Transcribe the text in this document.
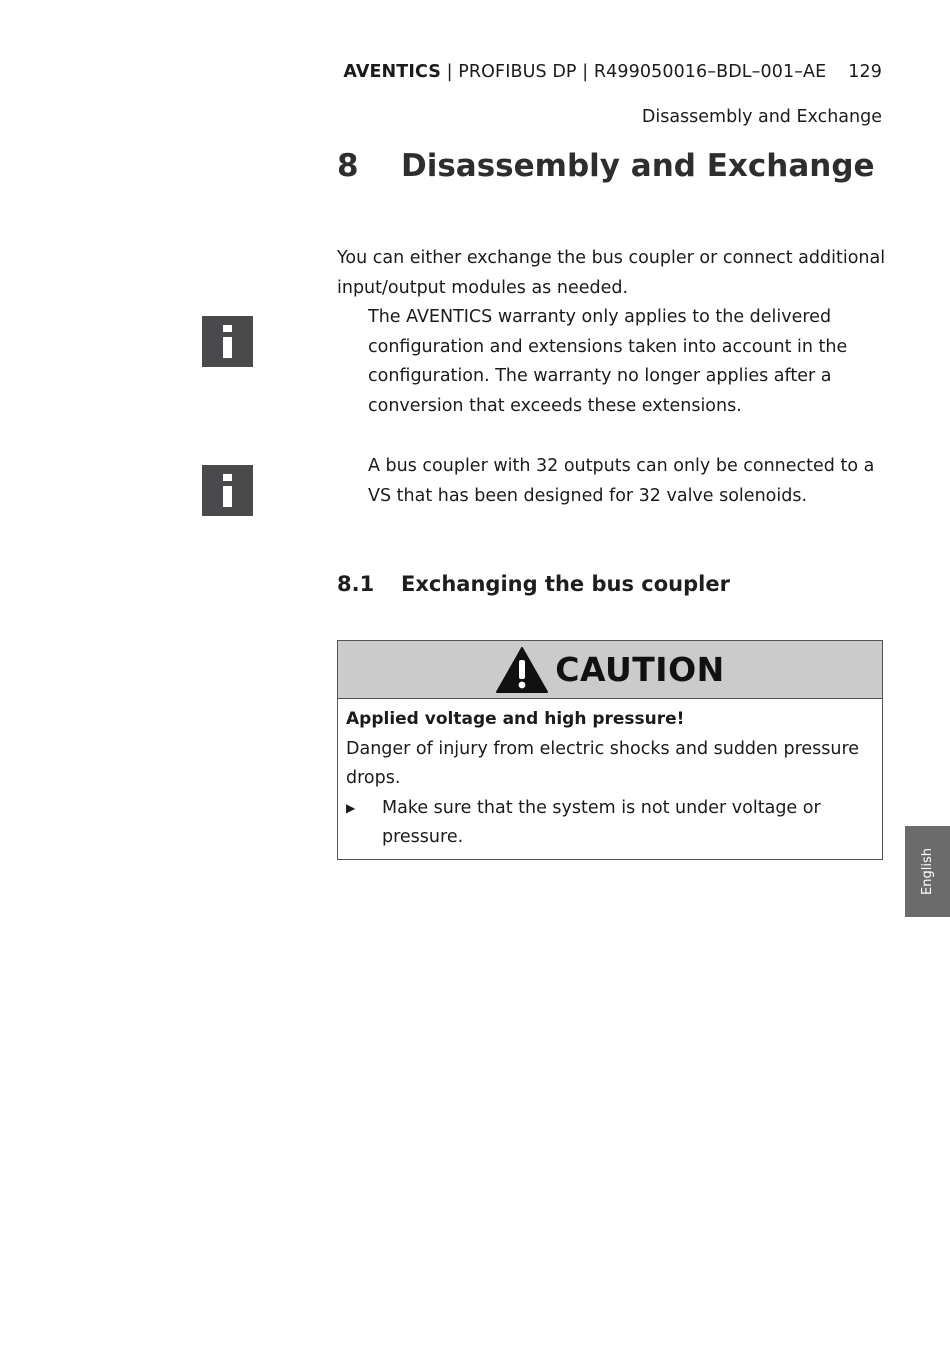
AVENTICS | PROFIBUS DP | R499050016–BDL–001–AE 129
Disassembly and Exchange
8 Disassembly and Exchange

You can either exchange the bus coupler or connect additional input/output modules as needed.

The AVENTICS warranty only applies to the delivered configuration and extensions taken into account in the configuration. The warranty no longer applies after a conversion that exceeds these extensions.

A bus coupler with 32 outputs can only be connected to a VS that has been designed for 32 valve solenoids.

8.1 Exchanging the bus coupler
CAUTION
Applied voltage and high pressure!
Danger of injury from electric shocks and sudden pressure drops.
▶	Make sure that the system is not under voltage or pressure.
English
